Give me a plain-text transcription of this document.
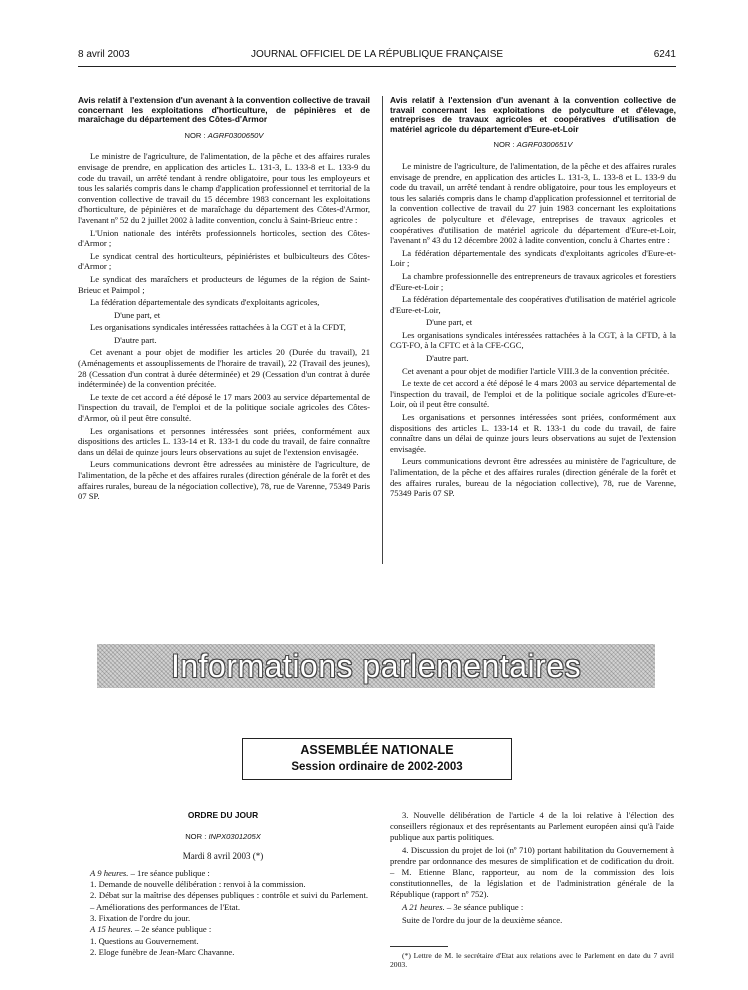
8 avril 2003	JOURNAL OFFICIEL DE LA RÉPUBLIQUE FRANÇAISE	6241
Avis relatif à l'extension d'un avenant à la convention collective de travail concernant les exploitations d'horticulture, de pépinières et de maraîchage du département des Côtes-d'Armor
NOR : AGRF0300650V

Le ministre de l'agriculture, de l'alimentation, de la pêche et des affaires rurales envisage de prendre, en application des articles L. 131-3, L. 133-8 et L. 133-9 du code du travail, un arrêté tendant à rendre obligatoire, pour tous les employeurs et tous les salariés compris dans le champ d'application professionnel et territorial de la convention collective de travail du 15 décembre 1983 concernant les exploitations d'horticulture, de pépinières et de maraîchage du département des Côtes-d'Armor, l'avenant nº 52 du 2 juillet 2002 à ladite convention, conclu à Saint-Brieuc entre :

L'Union nationale des intérêts professionnels horticoles, section des Côtes-d'Armor ;

Le syndicat central des horticulteurs, pépiniéristes et bulbiculteurs des Côtes-d'Armor ;

Le syndicat des maraîchers et producteurs de légumes de la région de Saint-Brieuc et Paimpol ;

La fédération départementale des syndicats d'exploitants agricoles,

D'une part, et

Les organisations syndicales intéressées rattachées à la CGT et à la CFDT,

D'autre part.

Cet avenant a pour objet de modifier les articles 20 (Durée du travail), 21 (Aménagements et assouplissements de l'horaire de travail), 22 (Travail des jeunes), 28 (Cessation d'un contrat à durée déterminée) et 29 (Cessation d'un contrat à durée indéterminée) de la convention précitée.

Le texte de cet accord a été déposé le 17 mars 2003 au service départemental de l'inspection du travail, de l'emploi et de la politique sociale agricoles des Côtes-d'Armor, où il peut être consulté.

Les organisations et personnes intéressées sont priées, conformément aux dispositions des articles L. 133-14 et R. 133-1 du code du travail, de faire connaître dans un délai de quinze jours leurs observations au sujet de l'extension envisagée.

Leurs communications devront être adressées au ministère de l'agriculture, de l'alimentation, de la pêche et des affaires rurales (direction générale de la forêt et des affaires rurales, bureau de la négociation collective), 78, rue de Varenne, 75349 Paris 07 SP.

Avis relatif à l'extension d'un avenant à la convention collective de travail concernant les exploitations de polyculture et d'élevage, entreprises de travaux agricoles et coopératives d'utilisation de matériel agricole du département d'Eure-et-Loir
NOR : AGRF0300651V

Le ministre de l'agriculture, de l'alimentation, de la pêche et des affaires rurales envisage de prendre, en application des articles L. 131-3, L. 133-8 et L. 133-9 du code du travail, un arrêté tendant à rendre obligatoire, pour tous les employeurs et tous les salariés compris dans le champ d'application professionnel et territorial de la convention collective de travail du 27 juin 1983 concernant les exploitations agricoles de polyculture et d'élevage, entreprises de travaux agricoles et coopératives d'utilisation de matériel agricole du département d'Eure-et-Loir, l'avenant nº 43 du 12 décembre 2002 à ladite convention, conclu à Chartes entre :

La fédération départementale des syndicats d'exploitants agricoles d'Eure-et-Loir ;

La chambre professionnelle des entrepreneurs de travaux agricoles et forestiers d'Eure-et-Loir ;

La fédération départementale des coopératives d'utilisation de matériel agricole d'Eure-et-Loir,

D'une part, et

Les organisations syndicales intéressées rattachées à la CGT, à la CFTD, à la CGT-FO, à la CFTC et à la CFE-CGC,

D'autre part.

Cet avenant a pour objet de modifier l'article VIII.3 de la convention précitée.

Le texte de cet accord a été déposé le 4 mars 2003 au service départemental de l'inspection du travail, de l'emploi et de la politique sociale agricoles d'Eure-et-Loir, où il peut être consulté.

Les organisations et personnes intéressées sont priées, conformément aux dispositions des articles L. 133-14 et R. 133-1 du code du travail, de faire connaître dans un délai de quinze jours leurs observations au sujet de l'extension envisagée.

Leurs communications devront être adressées au ministère de l'agriculture, de l'alimentation, de la pêche et des affaires rurales (direction générale de la forêt et des affaires rurales, bureau de la négociation collective), 78, rue de Varenne, 75349 Paris 07 SP.

Informations parlementaires
ASSEMBLÉE NATIONALE
Session ordinaire de 2002-2003
ORDRE DU JOUR
NOR : INPX0301205X
Mardi 8 avril 2003 (*)

A 9 heures. – 1re séance publique :

1. Demande de nouvelle délibération : renvoi à la commission.

2. Débat sur la maîtrise des dépenses publiques : contrôle et suivi du Parlement. – Améliorations des performances de l'Etat.

3. Fixation de l'ordre du jour.

A 15 heures. – 2e séance publique :

1. Questions au Gouvernement.

2. Eloge funèbre de Jean-Marc Chavanne.

3. Nouvelle délibération de l'article 4 de la loi relative à l'élection des conseillers régionaux et des représentants au Parlement européen ainsi qu'à l'aide publique aux partis politiques.

4. Discussion du projet de loi (nº 710) portant habilitation du Gouvernement à prendre par ordonnance des mesures de simplification et de codification du droit. – M. Etienne Blanc, rapporteur, au nom de la commission des lois constitutionnelles, de la législation et de l'administration générale de la République (rapport nº 752).

A 21 heures. – 3e séance publique :

Suite de l'ordre du jour de la deuxième séance.

(*) Lettre de M. le secrétaire d'Etat aux relations avec le Parlement en date du 7 avril 2003.
